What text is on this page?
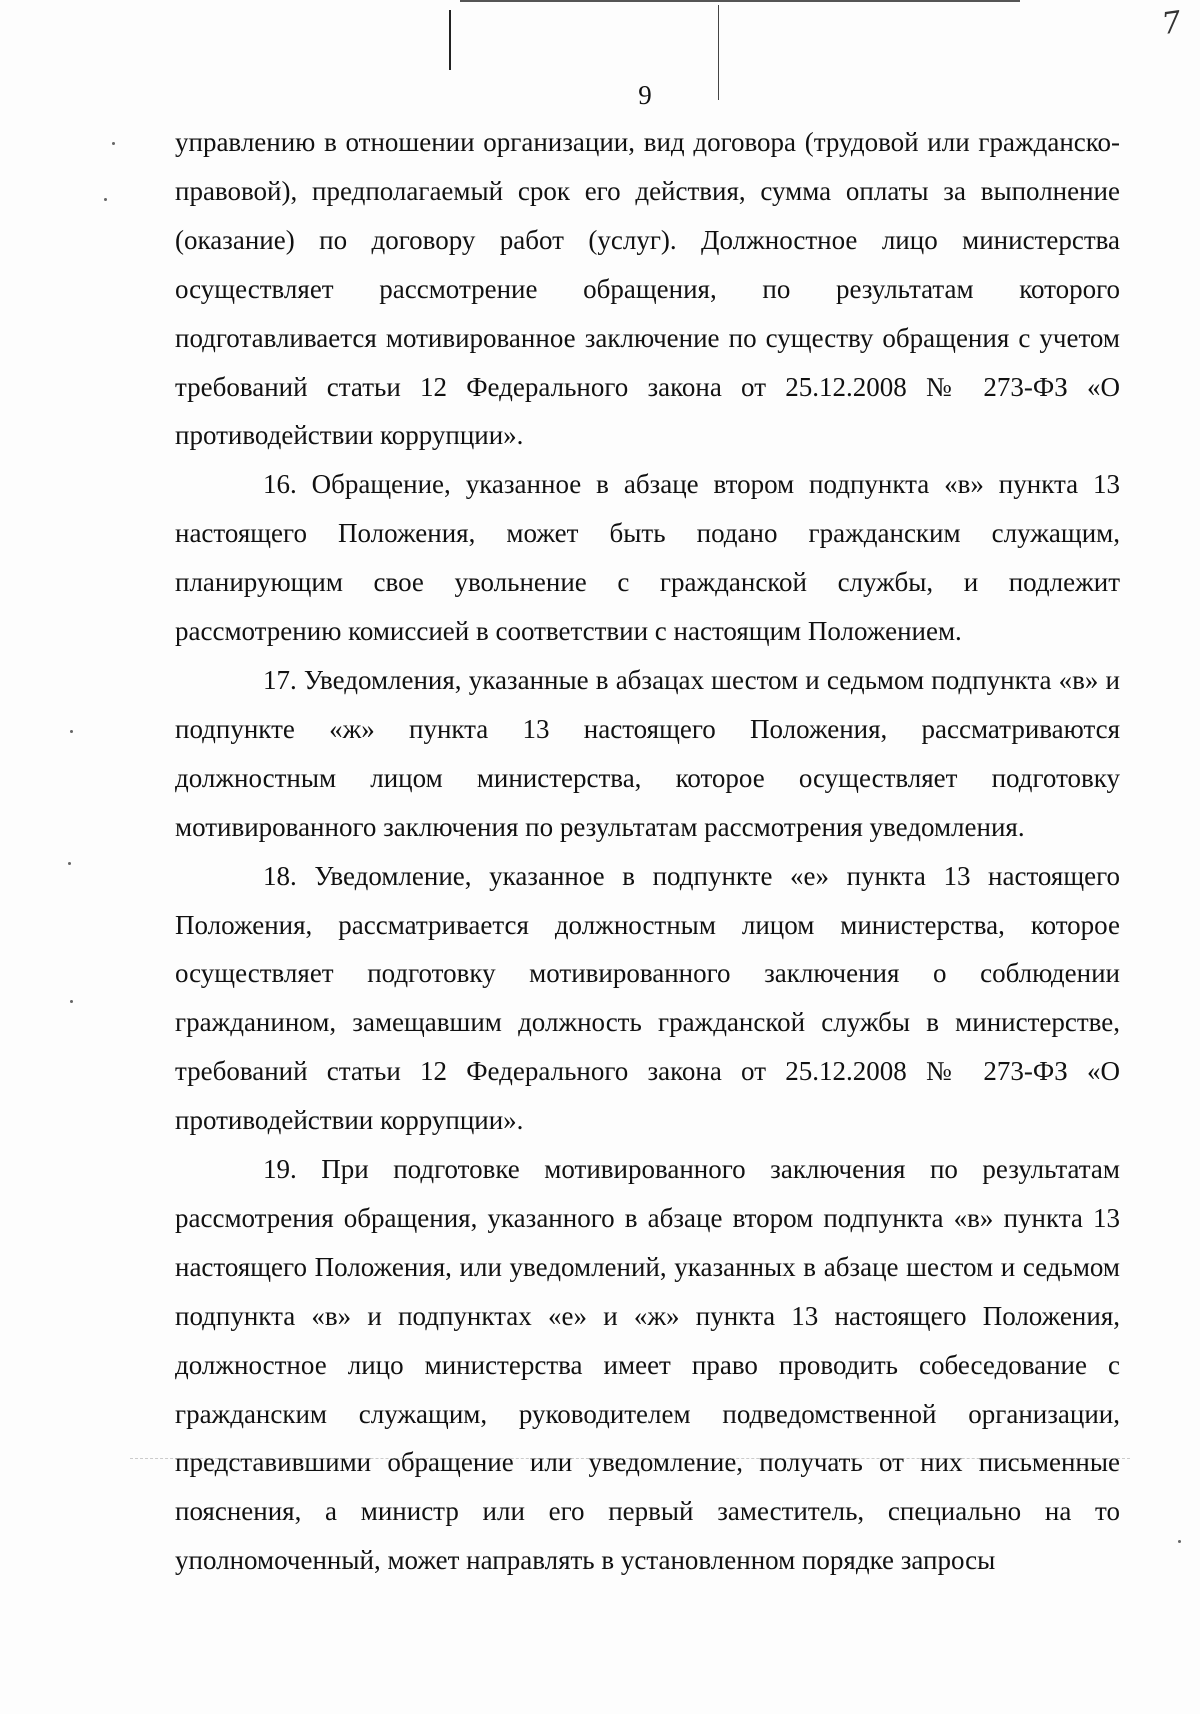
7
9

управлению в отношении организации, вид договора (трудовой или гражданско-правовой), предполагаемый срок его действия, сумма оплаты за выполнение (оказание) по договору работ (услуг). Должностное лицо министерства осуществляет рассмотрение обращения, по результатам которого подготавливается мотивированное заключение по существу обращения с учетом требований статьи 12 Федерального закона от 25.12.2008 № 273-ФЗ «О противодействии коррупции».

16. Обращение, указанное в абзаце втором подпункта «в» пункта 13 настоящего Положения, может быть подано гражданским служащим, планирующим свое увольнение с гражданской службы, и подлежит рассмотрению комиссией в соответствии с настоящим Положением.

17. Уведомления, указанные в абзацах шестом и седьмом подпункта «в» и подпункте «ж» пункта 13 настоящего Положения, рассматриваются должностным лицом министерства, которое осуществляет подготовку мотивированного заключения по результатам рассмотрения уведомления.

18. Уведомление, указанное в подпункте «е» пункта 13 настоящего Положения, рассматривается должностным лицом министерства, которое осуществляет подготовку мотивированного заключения о соблюдении гражданином, замещавшим должность гражданской службы в министерстве, требований статьи 12 Федерального закона от 25.12.2008 № 273-ФЗ «О противодействии коррупции».

19. При подготовке мотивированного заключения по результатам рассмотрения обращения, указанного в абзаце втором подпункта «в» пункта 13 настоящего Положения, или уведомлений, указанных в абзаце шестом и седьмом подпункта «в» и подпунктах «е» и «ж» пункта 13 настоящего Положения, должностное лицо министерства имеет право проводить собеседование с гражданским служащим, руководителем подведомственной организации, представившими обращение или уведомление, получать от них письменные пояснения, а министр или его первый заместитель, специально на то уполномоченный, может направлять в установленном порядке запросы
